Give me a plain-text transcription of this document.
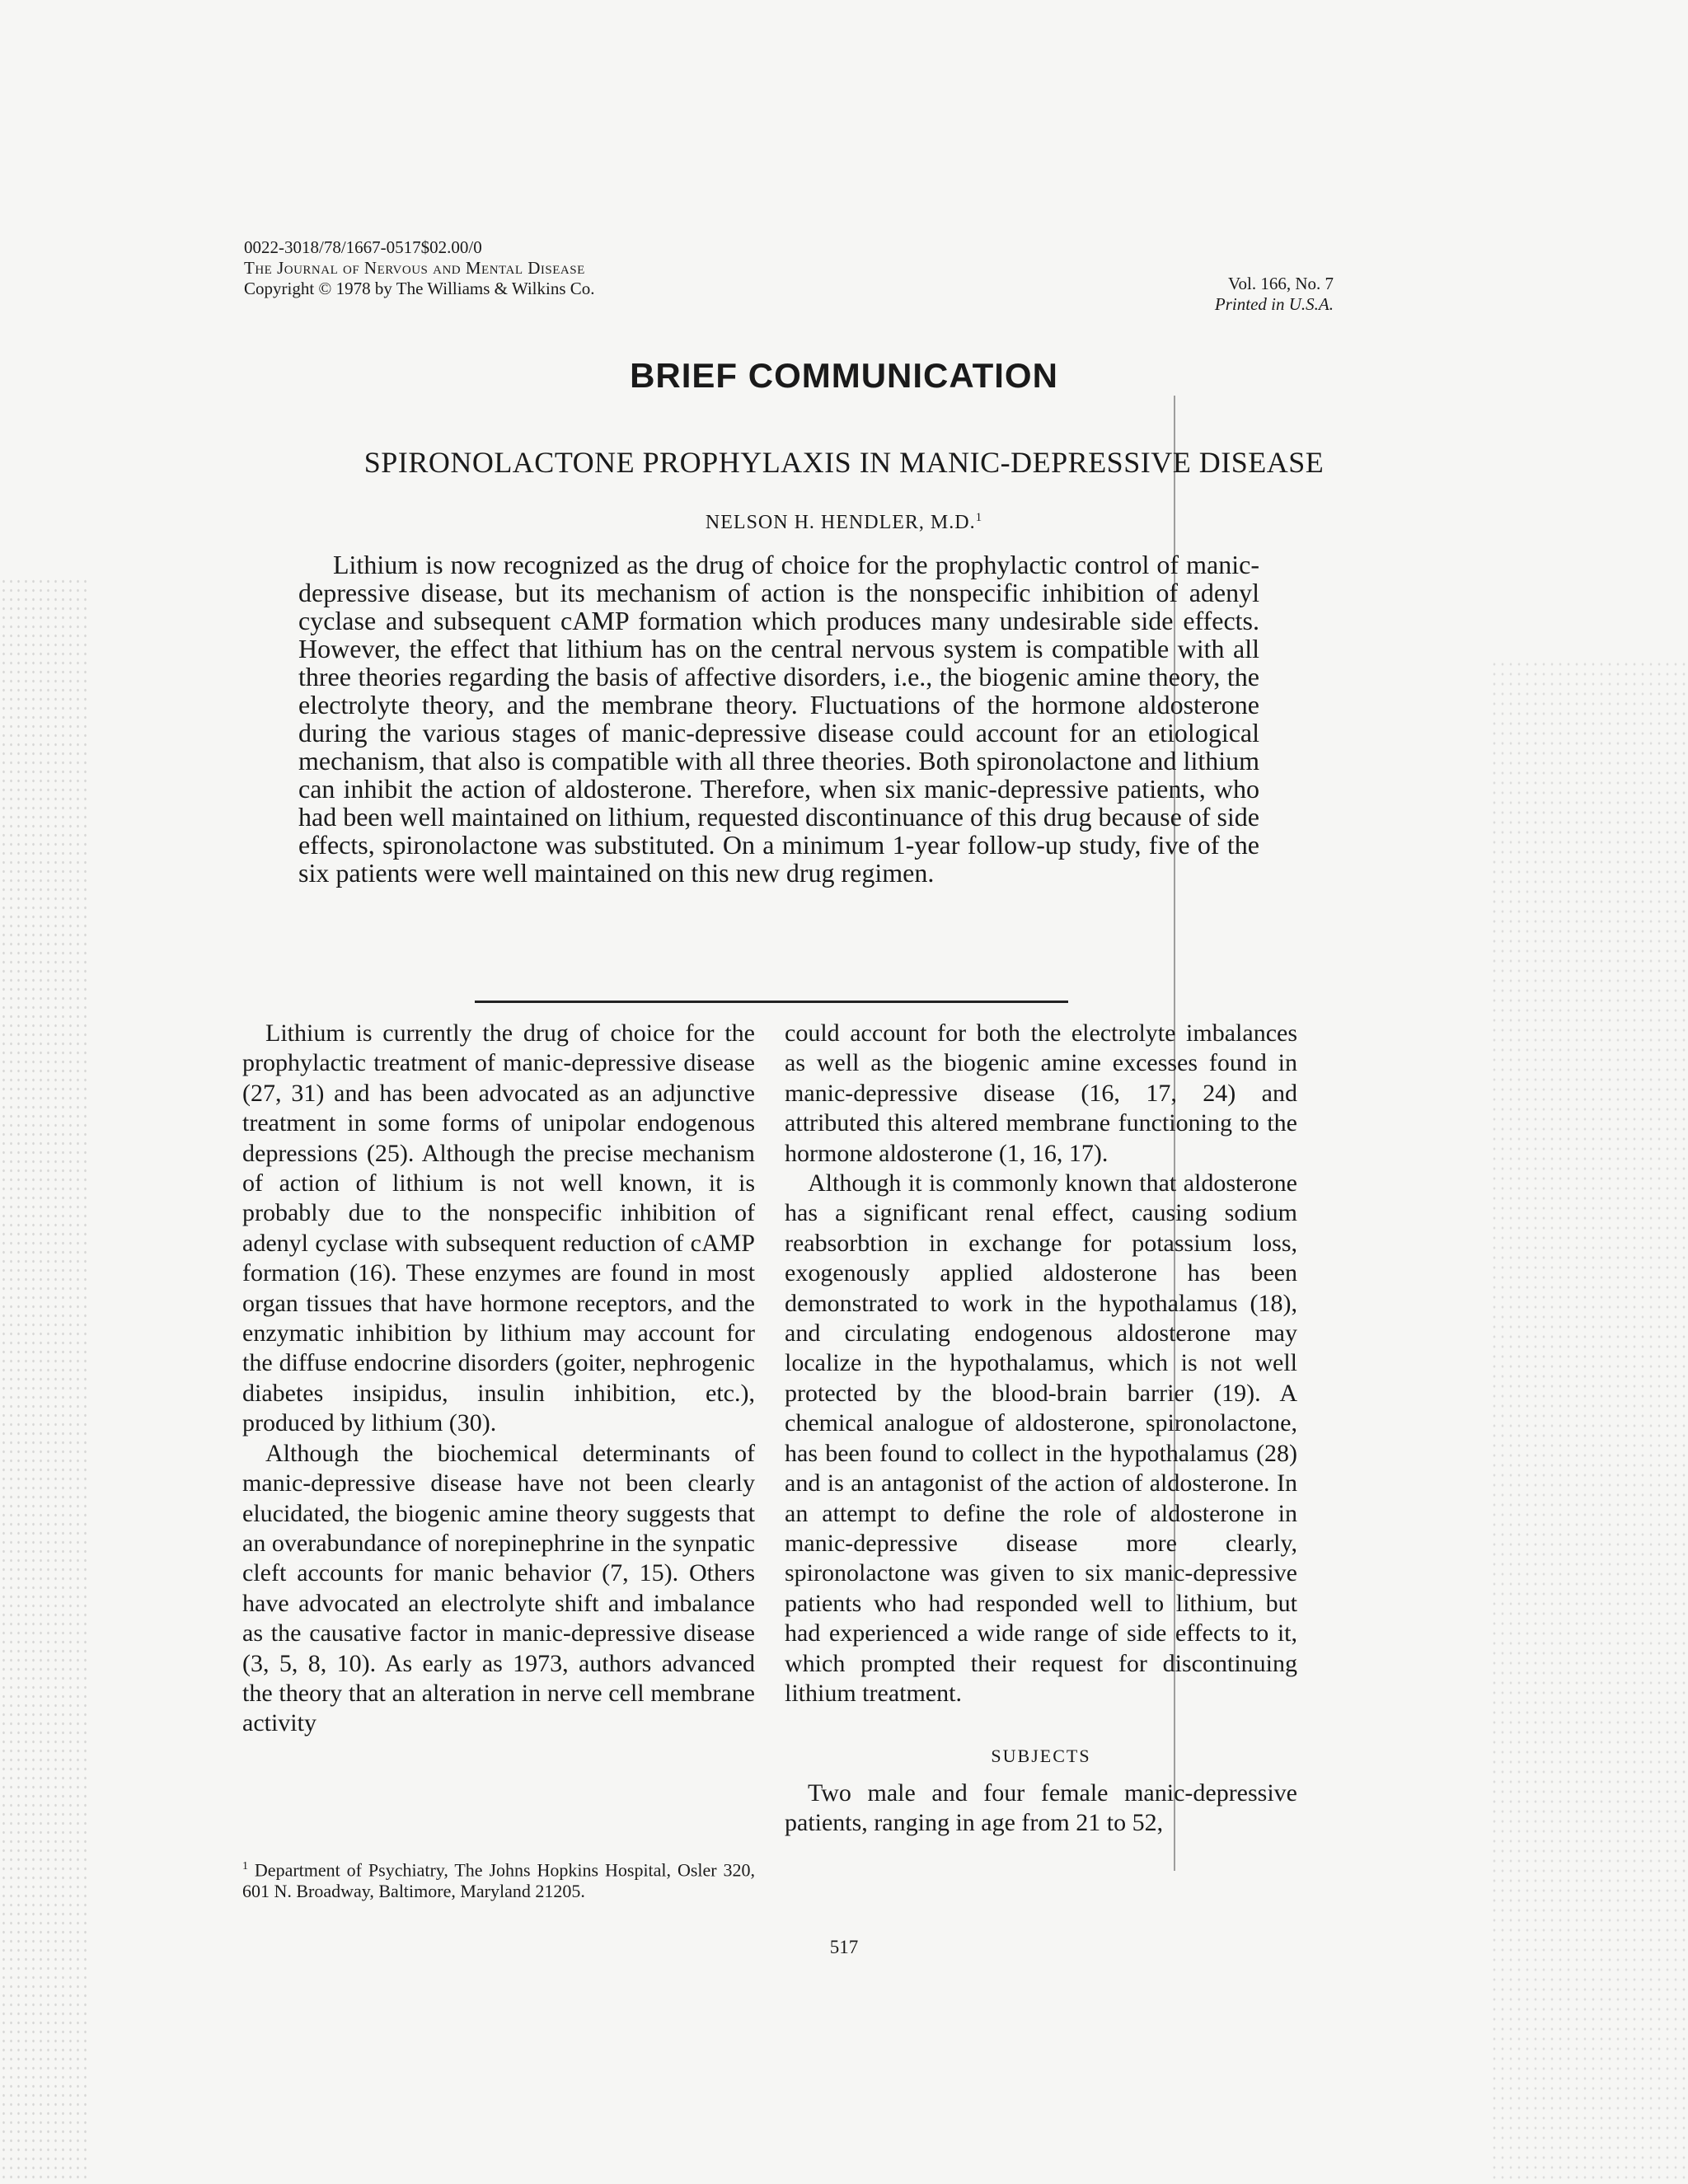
0022-3018/78/1667-0517$02.00/0
The Journal of Nervous and Mental Disease
Copyright © 1978 by The Williams & Wilkins Co.	Vol. 166, No. 7
Printed in U.S.A.
BRIEF COMMUNICATION
SPIRONOLACTONE PROPHYLAXIS IN MANIC-DEPRESSIVE DISEASE
NELSON H. HENDLER, M.D.$^1$

Lithium is now recognized as the drug of choice for the prophylactic control of manic-depressive disease, but its mechanism of action is the nonspecific inhibition of adenyl cyclase and subsequent cAMP formation which produces many undesirable side effects. However, the effect that lithium has on the central nervous system is compatible with all three theories regarding the basis of affective disorders, i.e., the biogenic amine theory, the electrolyte theory, and the membrane theory. Fluctuations of the hormone aldosterone during the various stages of manic-depressive disease could account for an etiological mechanism, that also is compatible with all three theories. Both spironolactone and lithium can inhibit the action of aldosterone. Therefore, when six manic-depressive patients, who had been well maintained on lithium, requested discontinuance of this drug because of side effects, spironolactone was substituted. On a minimum 1-year follow-up study, five of the six patients were well maintained on this new drug regimen.

Lithium is currently the drug of choice for the prophylactic treatment of manic-depressive disease (27, 31) and has been advocated as an adjunctive treatment in some forms of unipolar endogenous depressions (25). Although the precise mechanism of action of lithium is not well known, it is probably due to the nonspecific inhibition of adenyl cyclase with subsequent reduction of cAMP formation (16). These enzymes are found in most organ tissues that have hormone receptors, and the enzymatic inhibition by lithium may account for the diffuse endocrine disorders (goiter, nephrogenic diabetes insipidus, insulin inhibition, etc.), produced by lithium (30).

Although the biochemical determinants of manic-depressive disease have not been clearly elucidated, the biogenic amine theory suggests that an overabundance of norepinephrine in the synpatic cleft accounts for manic behavior (7, 15). Others have advocated an electrolyte shift and imbalance as the causative factor in manic-depressive disease (3, 5, 8, 10). As early as 1973, authors advanced the theory that an alteration in nerve cell membrane activity

could account for both the electrolyte imbalances as well as the biogenic amine excesses found in manic-depressive disease (16, 17, 24) and attributed this altered membrane functioning to the hormone aldosterone (1, 16, 17).

Although it is commonly known that aldosterone has a significant renal effect, causing sodium reabsorbtion in exchange for potassium loss, exogenously applied aldosterone has been demonstrated to work in the hypothalamus (18), and circulating endogenous aldosterone may localize in the hypothalamus, which is not well protected by the blood-brain barrier (19). A chemical analogue of aldosterone, spironolactone, has been found to collect in the hypothalamus (28) and is an antagonist of the action of aldosterone. In an attempt to define the role of aldosterone in manic-depressive disease more clearly, spironolactone was given to six manic-depressive patients who had responded well to lithium, but had experienced a wide range of side effects to it, which prompted their request for discontinuing lithium treatment.

SUBJECTS

Two male and four female manic-depressive patients, ranging in age from 21 to 52,

$^1$ Department of Psychiatry, The Johns Hopkins Hospital, Osler 320, 601 N. Broadway, Baltimore, Maryland 21205.
517
